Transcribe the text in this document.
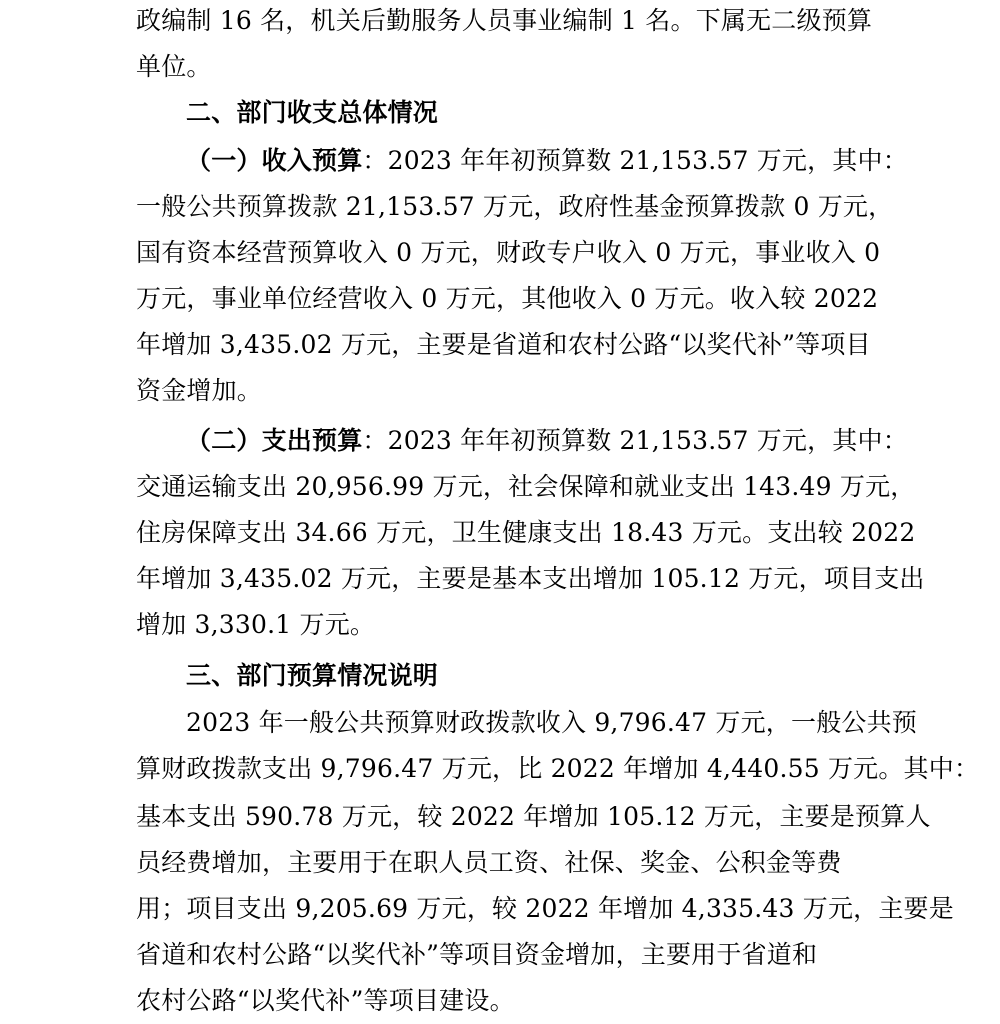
政编制 16 名，机关后勤服务人员事业编制 1 名。下属无二级预算
单位。
二、部门收支总体情况
（一）收入预算：2023 年年初预算数 21,153.57 万元，其中：
一般公共预算拨款 21,153.57 万元，政府性基金预算拨款 0 万元，
国有资本经营预算收入 0 万元，财政专户收入 0 万元，事业收入 0
万元，事业单位经营收入 0 万元，其他收入 0 万元。收入较 2022
年增加 3,435.02 万元，主要是省道和农村公路“以奖代补”等项目
资金增加。
（二）支出预算：2023 年年初预算数 21,153.57 万元，其中：
交通运输支出 20,956.99 万元，社会保障和就业支出 143.49 万元，
住房保障支出 34.66 万元，卫生健康支出 18.43 万元。支出较 2022
年增加 3,435.02 万元，主要是基本支出增加 105.12 万元，项目支出
增加 3,330.1 万元。
三、部门预算情况说明
2023 年一般公共预算财政拨款收入 9,796.47 万元，一般公共预
算财政拨款支出 9,796.47 万元，比 2022 年增加 4,440.55 万元。其中：
基本支出 590.78 万元，较 2022 年增加 105.12 万元，主要是预算人
员经费增加，主要用于在职人员工资、社保、奖金、公积金等费
用；项目支出 9,205.69 万元，较 2022 年增加 4,335.43 万元，主要是
省道和农村公路“以奖代补”等项目资金增加，主要用于省道和
农村公路“以奖代补”等项目建设。
